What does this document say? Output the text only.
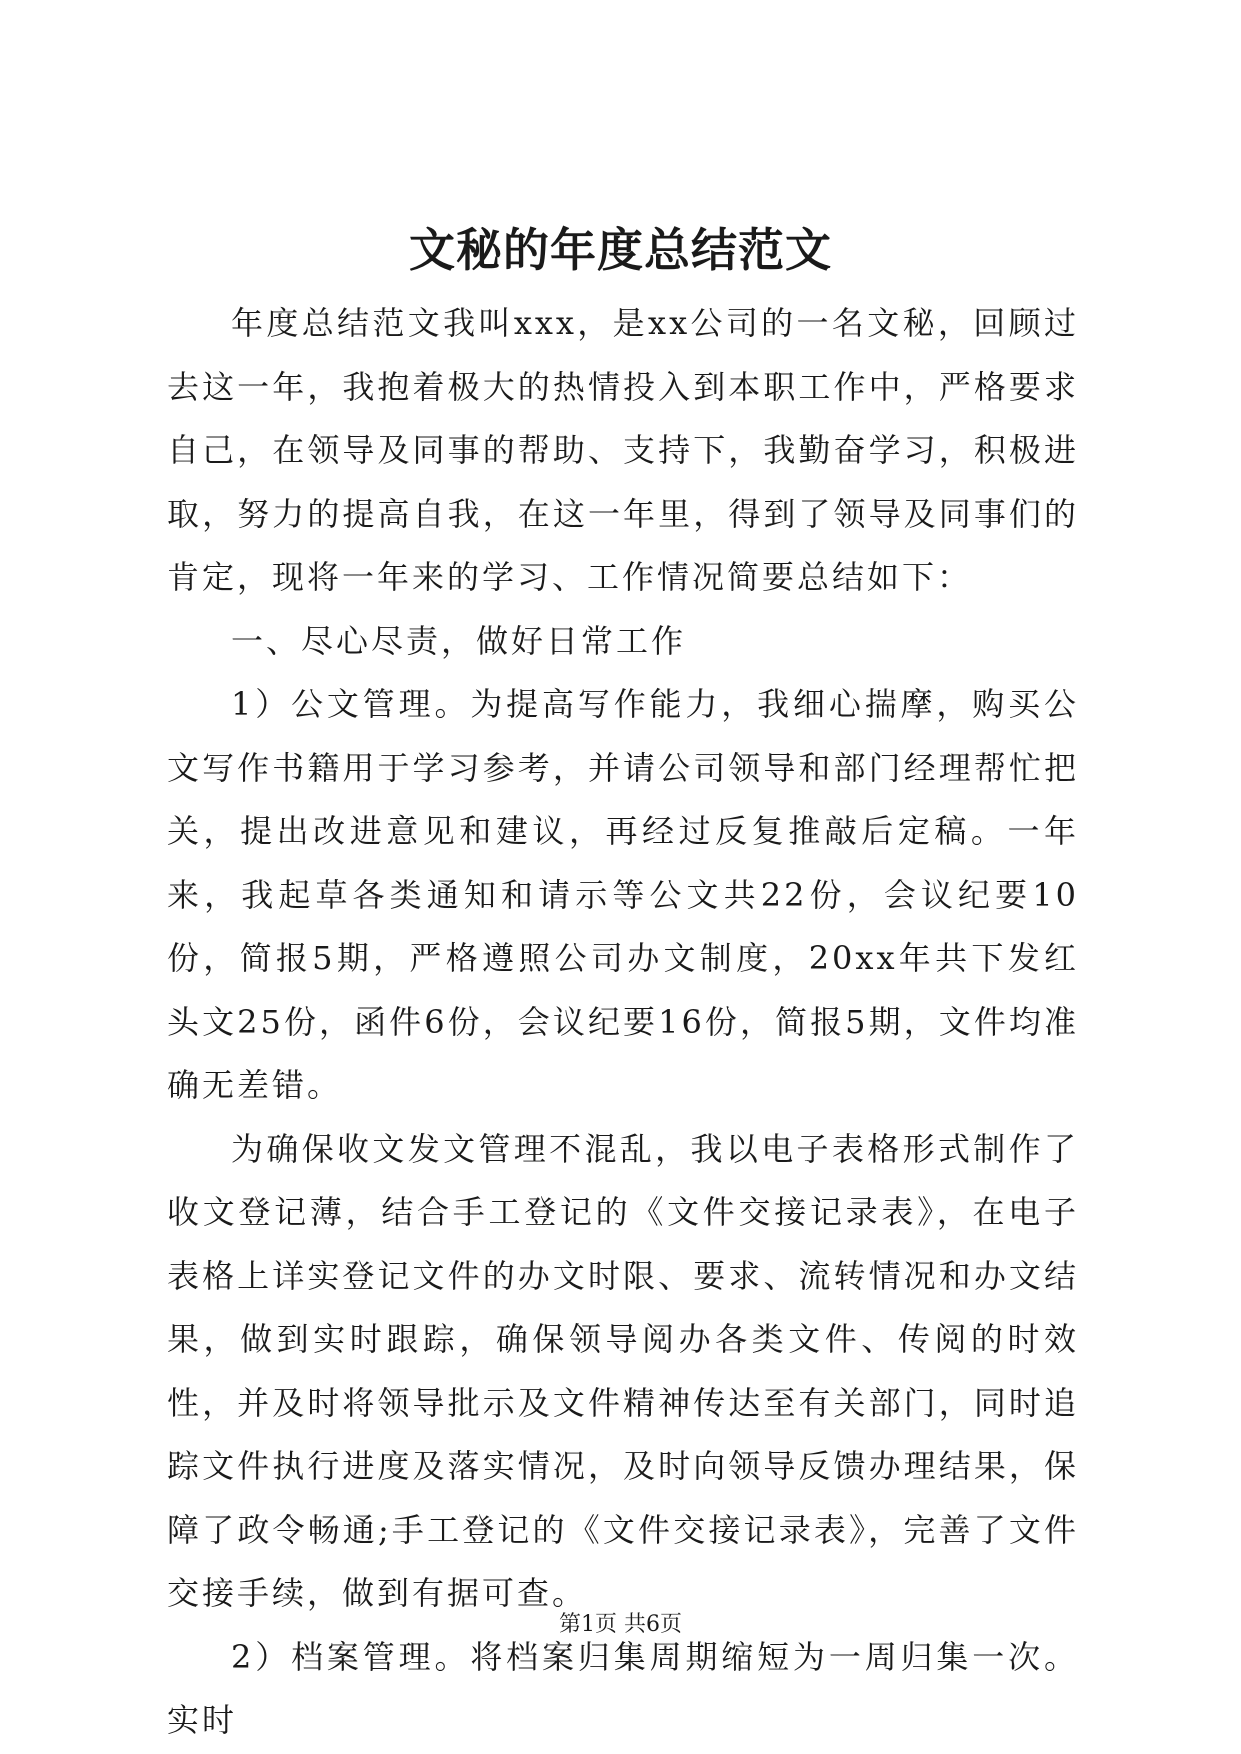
文秘的年度总结范文

年度总结范文我叫xxx，是xx公司的一名文秘，回顾过去这一年，我抱着极大的热情投入到本职工作中，严格要求自己，在领导及同事的帮助、支持下，我勤奋学习，积极进取，努力的提高自我，在这一年里，得到了领导及同事们的肯定，现将一年来的学习、工作情况简要总结如下：

一、尽心尽责，做好日常工作

1）公文管理。为提高写作能力，我细心揣摩，购买公文写作书籍用于学习参考，并请公司领导和部门经理帮忙把关，提出改进意见和建议，再经过反复推敲后定稿。一年来，我起草各类通知和请示等公文共22份，会议纪要10份，简报5期，严格遵照公司办文制度，20xx年共下发红头文25份，函件6份，会议纪要16份，简报5期，文件均准确无差错。

为确保收文发文管理不混乱，我以电子表格形式制作了收文登记薄，结合手工登记的《文件交接记录表》，在电子表格上详实登记文件的办文时限、要求、流转情况和办文结果，做到实时跟踪，确保领导阅办各类文件、传阅的时效性，并及时将领导批示及文件精神传达至有关部门，同时追踪文件执行进度及落实情况，及时向领导反馈办理结果，保障了政令畅通;手工登记的《文件交接记录表》，完善了文件交接手续，做到有据可查。

2）档案管理。将档案归集周期缩短为一周归集一次。实时

第1页 共6页
